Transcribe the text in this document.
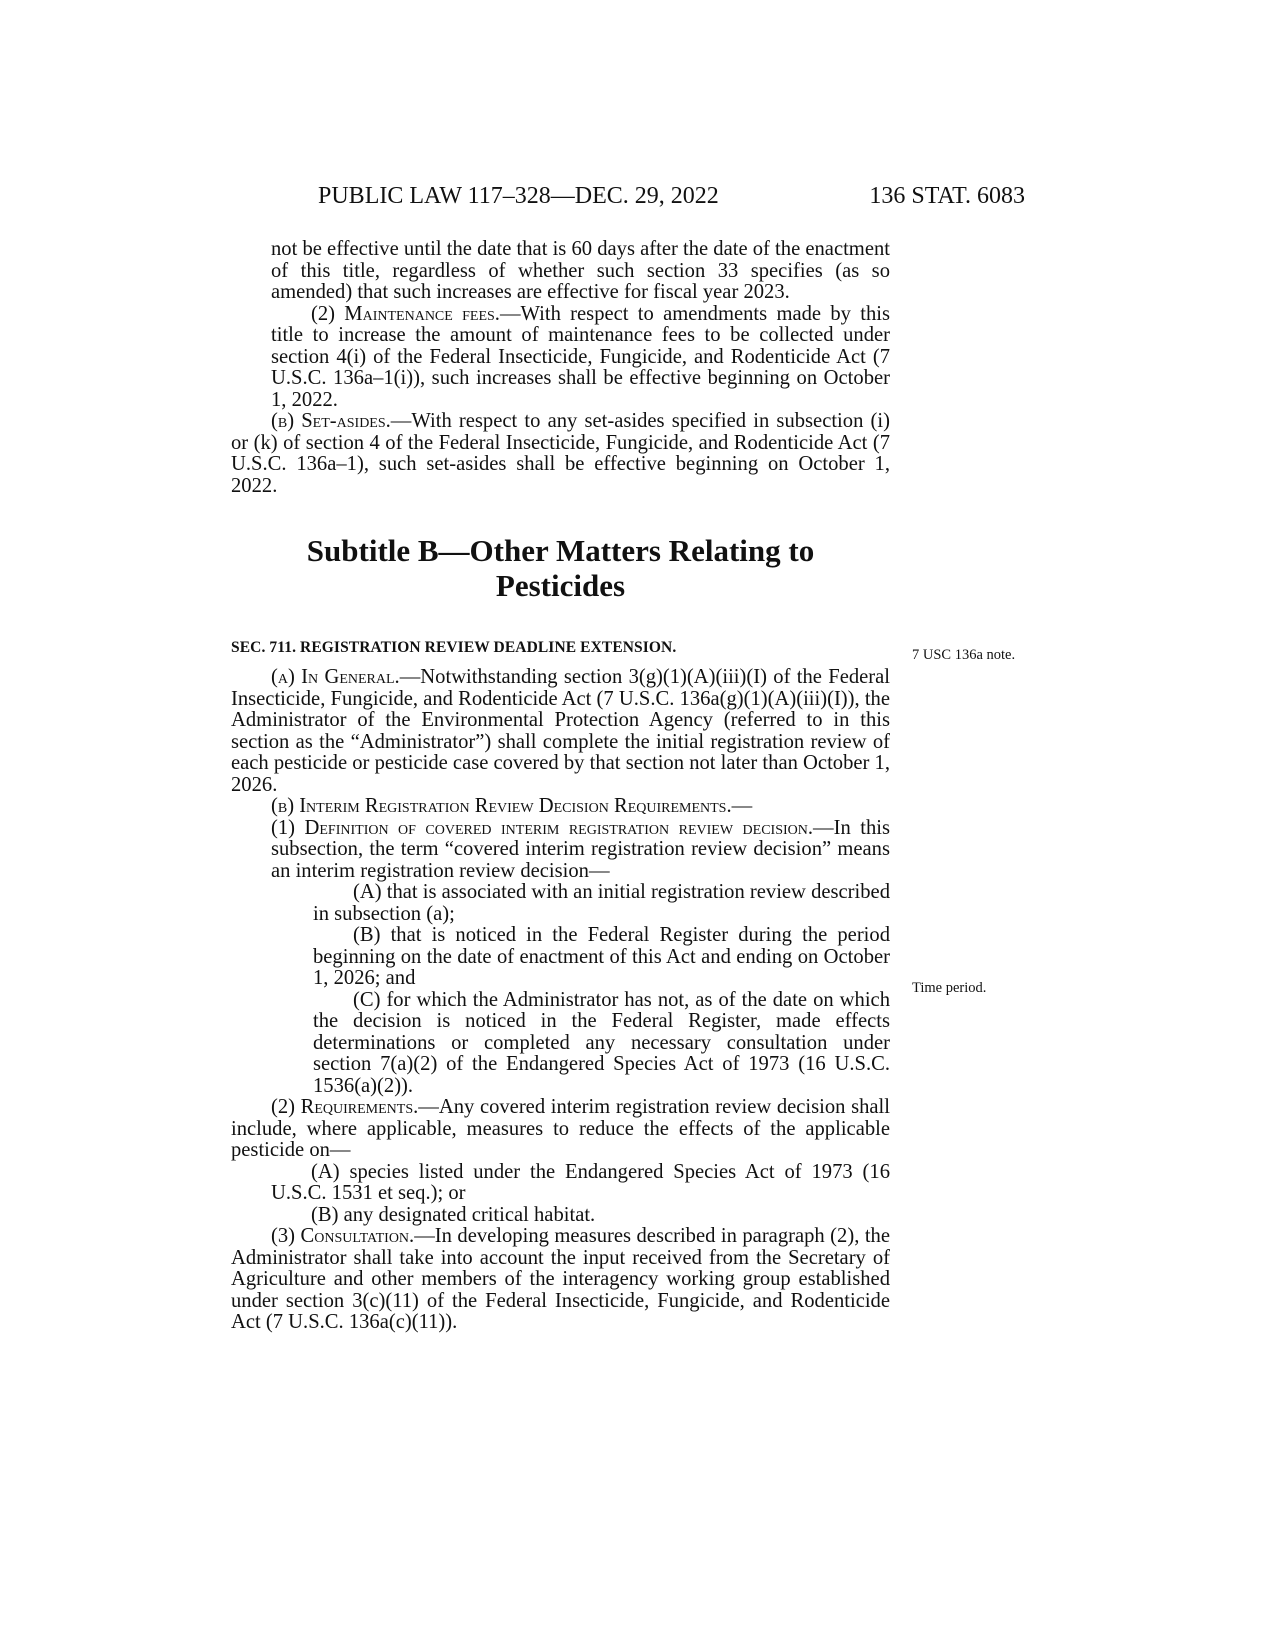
PUBLIC LAW 117–328—DEC. 29, 2022	136 STAT. 6083

not be effective until the date that is 60 days after the date of the enactment of this title, regardless of whether such section 33 specifies (as so amended) that such increases are effective for fiscal year 2023.

(2) Maintenance fees.—With respect to amendments made by this title to increase the amount of maintenance fees to be collected under section 4(i) of the Federal Insecticide, Fungicide, and Rodenticide Act (7 U.S.C. 136a–1(i)), such increases shall be effective beginning on October 1, 2022.

(b) Set-asides.—With respect to any set-asides specified in subsection (i) or (k) of section 4 of the Federal Insecticide, Fungicide, and Rodenticide Act (7 U.S.C. 136a–1), such set-asides shall be effective beginning on October 1, 2022.

Subtitle B—Other Matters Relating to
Pesticides
SEC. 711. REGISTRATION REVIEW DEADLINE EXTENSION.

(a) In General.—Notwithstanding section 3(g)(1)(A)(iii)(I) of the Federal Insecticide, Fungicide, and Rodenticide Act (7 U.S.C. 136a(g)(1)(A)(iii)(I)), the Administrator of the Environmental Protection Agency (referred to in this section as the “Administrator”) shall complete the initial registration review of each pesticide or pesticide case covered by that section not later than October 1, 2026.

(b) Interim Registration Review Decision Requirements.—

(1) Definition of covered interim registration review decision.—In this subsection, the term “covered interim registration review decision” means an interim registration review decision—

(A) that is associated with an initial registration review described in subsection (a);

(B) that is noticed in the Federal Register during the period beginning on the date of enactment of this Act and ending on October 1, 2026; and

(C) for which the Administrator has not, as of the date on which the decision is noticed in the Federal Register, made effects determinations or completed any necessary consultation under section 7(a)(2) of the Endangered Species Act of 1973 (16 U.S.C. 1536(a)(2)).

(2) Requirements.—Any covered interim registration review decision shall include, where applicable, measures to reduce the effects of the applicable pesticide on—

(A) species listed under the Endangered Species Act of 1973 (16 U.S.C. 1531 et seq.); or

(B) any designated critical habitat.

(3) Consultation.—In developing measures described in paragraph (2), the Administrator shall take into account the input received from the Secretary of Agriculture and other members of the interagency working group established under section 3(c)(11) of the Federal Insecticide, Fungicide, and Rodenticide Act (7 U.S.C. 136a(c)(11)).

7 USC 136a note.
Time period.
